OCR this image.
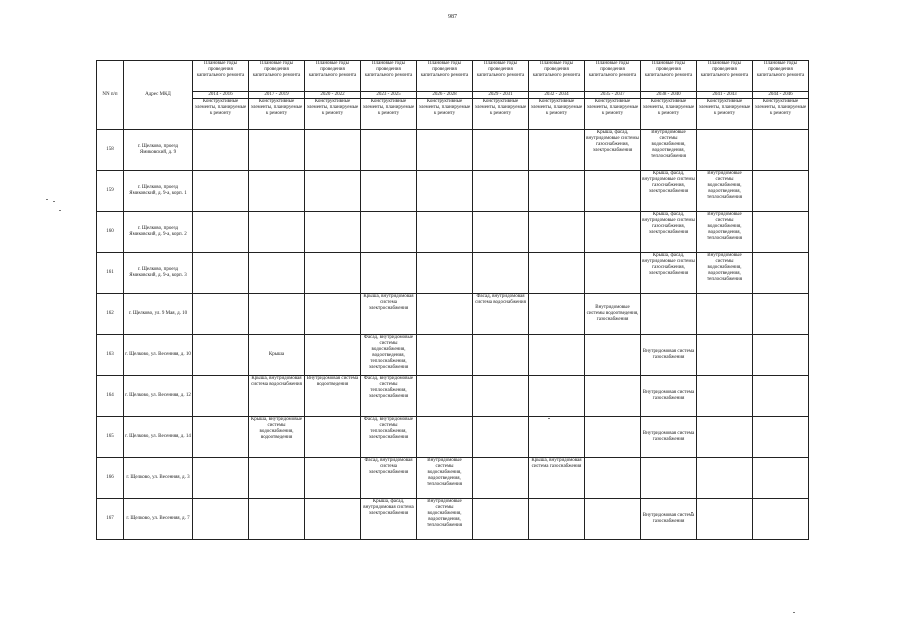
987
NN п/п	Адрес МКД	Плановые годы проведения капитального ремонта	Плановые годы проведения капитального ремонта	Плановые годы проведения капитального ремонта	Плановые годы проведения капитального ремонта	Плановые годы проведения капитального ремонта	Плановые годы проведения капитального ремонта	Плановые годы проведения капитального ремонта	Плановые годы проведения капитального ремонта	Плановые годы проведения капитального ремонта	Плановые годы проведения капитального ремонта	Плановые годы проведения капитального ремонта
		2014 - 2016	2017 - 2019	2020 - 2022	2023 - 2025	2026 - 2028	2029 - 2031	2032 - 2034	2035 - 2037	2038 - 2040	2041 - 2043	2044 - 2046
		Конструктивные элементы, планируемые к ремонту	Конструктивные элементы, планируемые к ремонту	Конструктивные элементы, планируемые к ремонту	Конструктивные элементы, планируемые к ремонту	Конструктивные элементы, планируемые к ремонту	Конструктивные элементы, планируемые к ремонту	Конструктивные элементы, планируемые к ремонту	Конструктивные элементы, планируемые к ремонту	Конструктивные элементы, планируемые к ремонту	Конструктивные элементы, планируемые к ремонту	Конструктивные элементы, планируемые к ремонту
158	г. Щелково, проезд Ямиковский, д. 9								Крыша, фасад, внутридомовые системы газоснабжения, электроснабжения	Внутридомовые системы водоснабжения, водоотведения, теплоснабжения		
159	г. Щелково, проезд Ямиковский, д. 9-а, корп. 1									Крыша, фасад, внутридомовые системы газоснабжения, электроснабжения	Внутридомовые системы водоснабжения, водоотведения, теплоснабжения	
160	г. Щелково, проезд Ямиковский, д. 9-а, корп. 2									Крыша, фасад, внутридомовые системы газоснабжения, электроснабжения	Внутридомовые системы водоснабжения, водоотведения, теплоснабжения	
161	г. Щелково, проезд Ямиковский, д. 9-а, корп. 3									Крыша, фасад, внутридомовые системы газоснабжения, электроснабжения	Внутридомовые системы водоснабжения, водоотведения, теплоснабжения	
162	г. Щелково, ул. 9 Мая, д. 10				Крыша, внутридомовая система электроснабжения		Фасад, внутридомовая система водоснабжения		Внутридомовые системы водоотведения, газоснабжения			
163	г. Щелково, ул. Весенняя, д. 10		Крыша		Фасад, внутридомовые системы водоснабжения, водоотведения, теплоснабжения, электроснабжения					Внутридомовая система газоснабжения		
164	г. Щелково, ул. Весенняя, д. 12		Крыша, внутридомовая система водоснабжения	Внутридомовая система водоотведения	Фасад, внутридомовые системы теплоснабжения, электроснабжения					Внутридомовая система газоснабжения		
165	г. Щелково, ул. Весенняя, д. 14		Крыша, внутридомовые системы водоснабжения, водоотведения		Фасад, внутридомовые системы теплоснабжения, электроснабжения					Внутридомовая система газоснабжения		
166	г. Щелково, ул. Весенняя, д. 3				Фасад, внутридомовая система электроснабжения	Внутридомовые системы водоснабжения, водоотведения, теплоснабжения		Крыша, внутридомовая система газоснабжения				
167	г. Щелково, ул. Весенняя, д. 7				Крыша, фасад, внутридомовая система электроснабжения	Внутридомовые системы водоснабжения, водоотведения, теплоснабжения				Внутридомовая система газоснабжения		
